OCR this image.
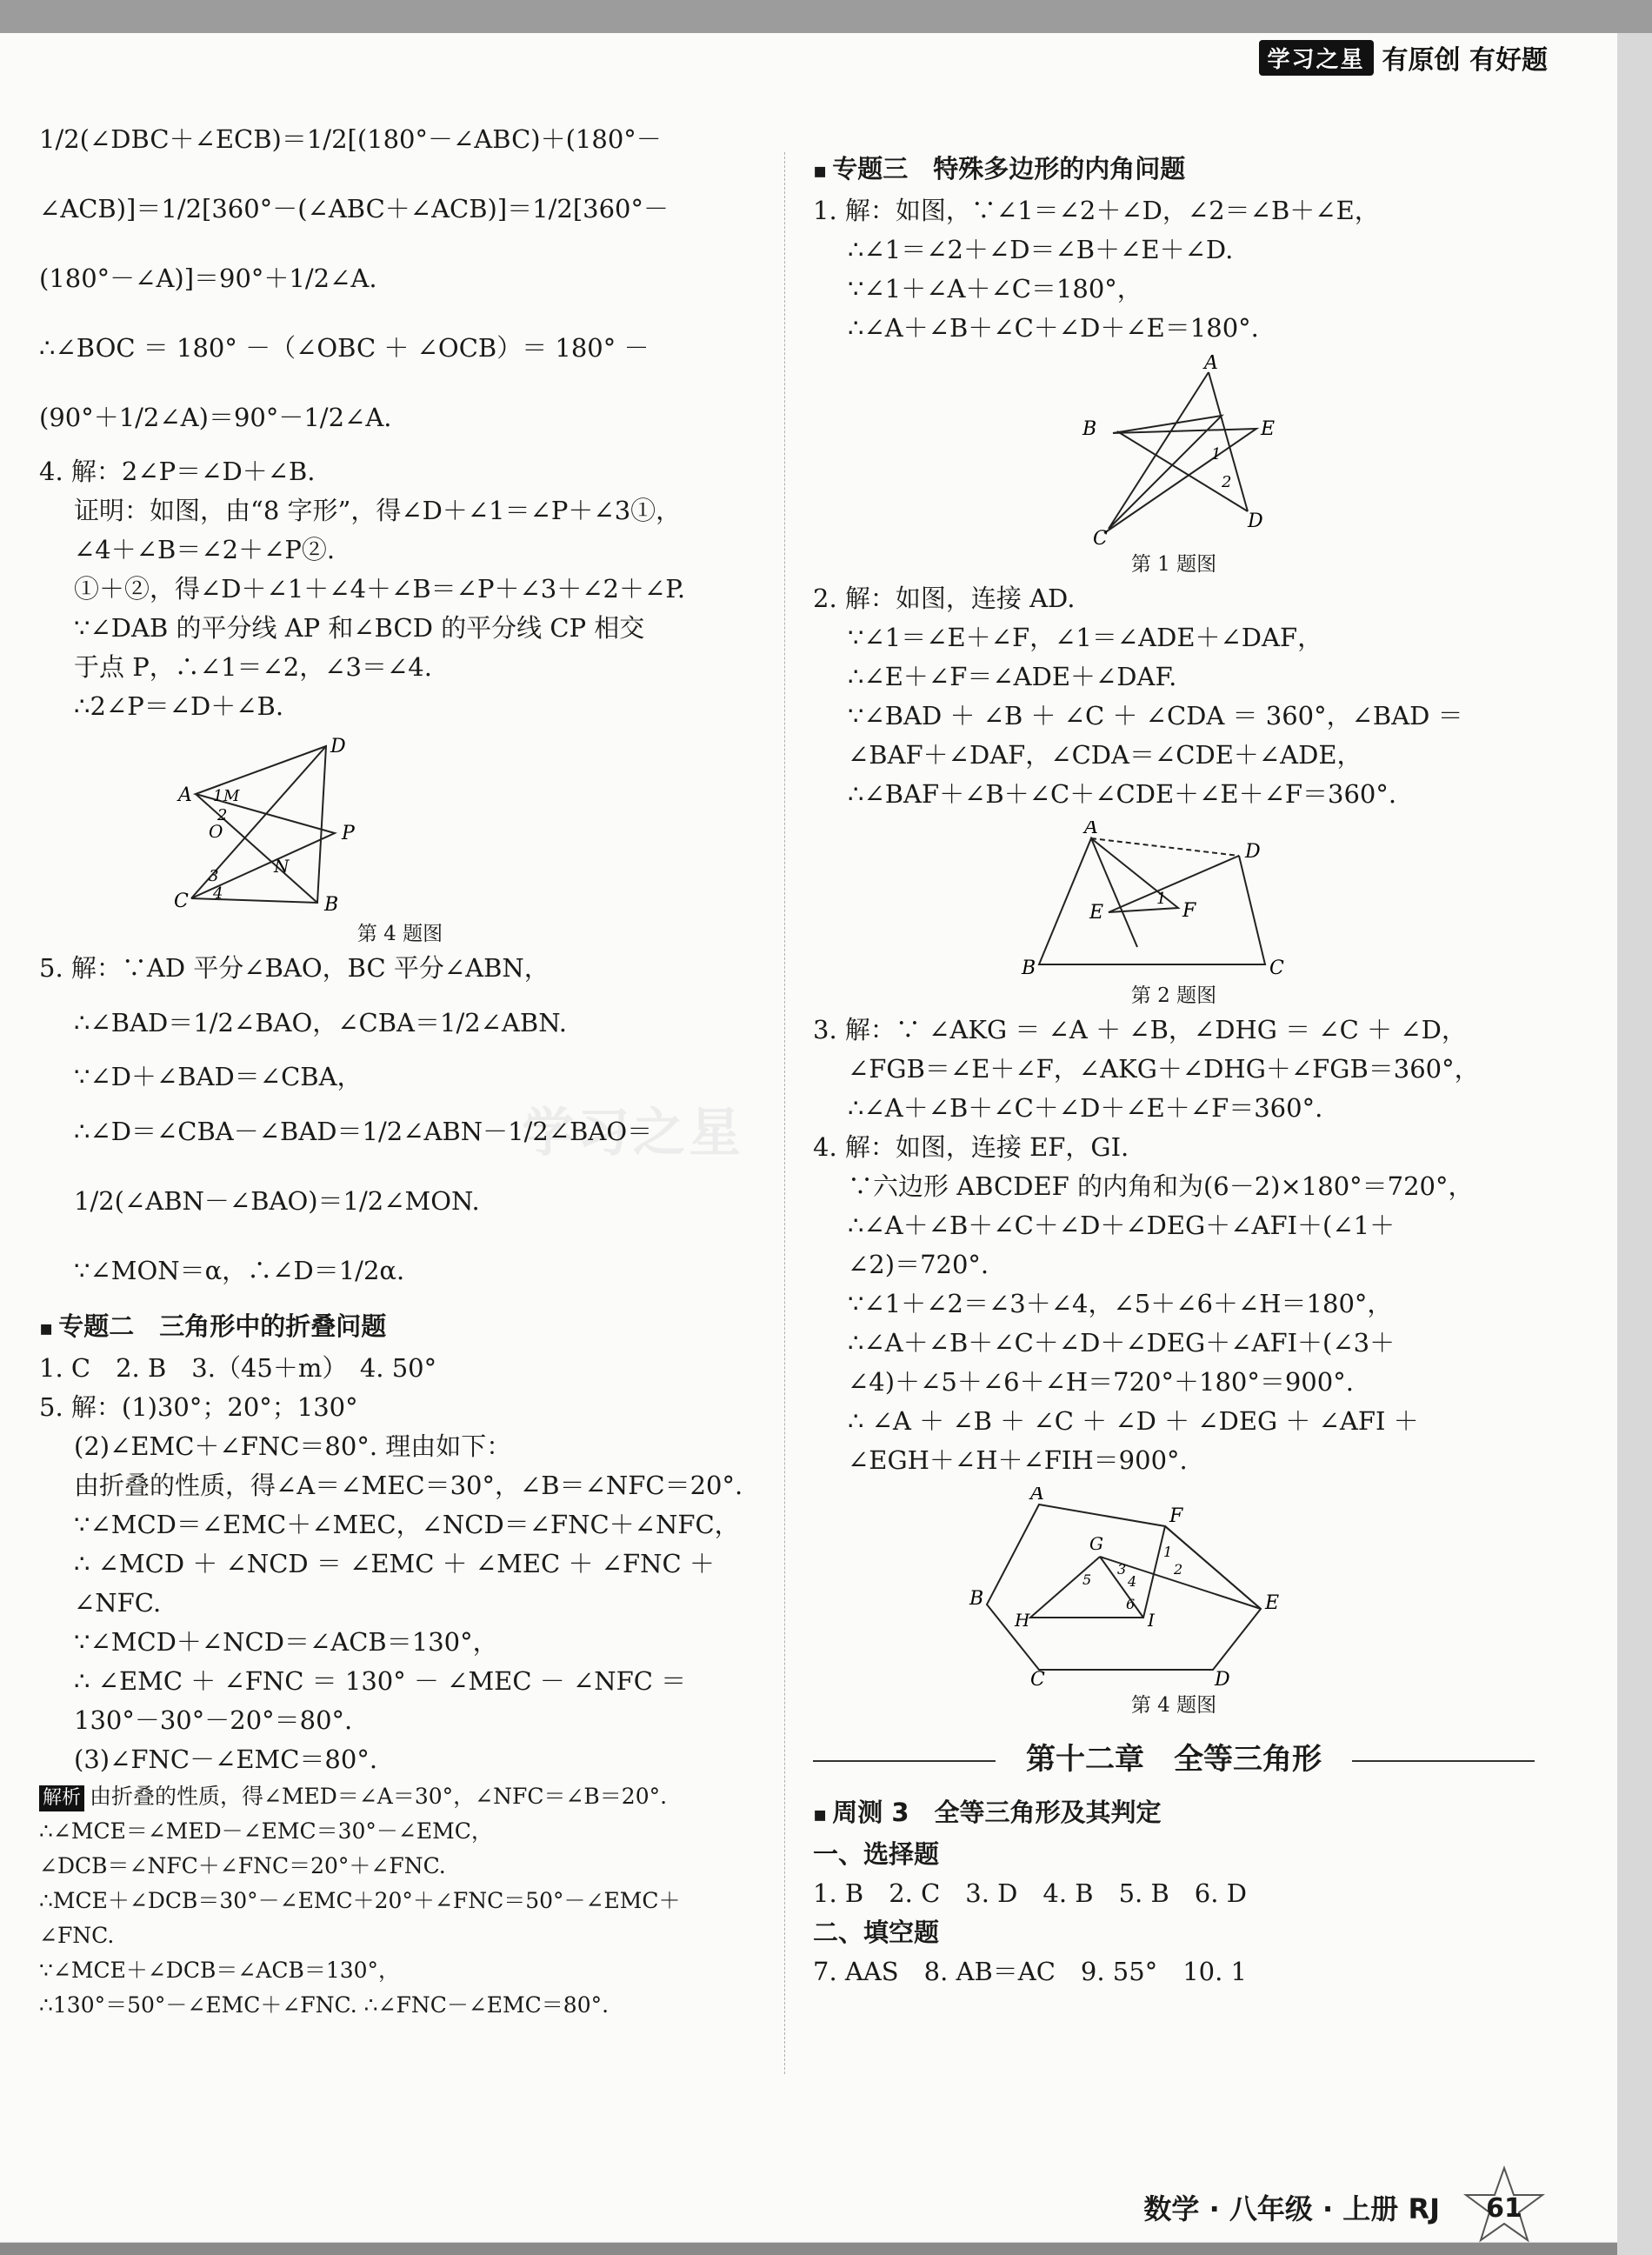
学习之星 有原创 有好题
学习之星
1/2(∠DBC＋∠ECB)＝1/2[(180°－∠ABC)＋(180°－
∠ACB)]＝1/2[360°－(∠ABC＋∠ACB)]＝1/2[360°－
(180°－∠A)]＝90°＋1/2∠A.
∴∠BOC ＝ 180° －（∠OBC ＋ ∠OCB）＝ 180° －
(90°＋1/2∠A)＝90°－1/2∠A.
4. 解：2∠P＝∠D＋∠B.
证明：如图，由“8 字形”，得∠D＋∠1＝∠P＋∠3①，
∠4＋∠B＝∠2＋∠P②.
①＋②，得∠D＋∠1＋∠4＋∠B＝∠P＋∠3＋∠2＋∠P.
∵∠DAB 的平分线 AP 和∠BCD 的平分线 CP 相交
于点 P，∴∠1＝∠2，∠3＝∠4.
∴2∠P＝∠D＋∠B.
D
A 1 M
2
O	P
3	N
4
C	B
第 4 题图
5. 解：∵AD 平分∠BAO，BC 平分∠ABN，
∴∠BAD＝1/2∠BAO，∠CBA＝1/2∠ABN.
∵∠D＋∠BAD＝∠CBA，
∴∠D＝∠CBA－∠BAD＝1/2∠ABN－1/2∠BAO＝
1/2(∠ABN－∠BAO)＝1/2∠MON.
∵∠MON＝α，∴∠D＝1/2α.
▪ 专题二　三角形中的折叠问题
1. C　2. B　3.（45＋m）　4. 50°
5. 解：(1)30°；20°；130°
(2)∠EMC＋∠FNC＝80°. 理由如下：
由折叠的性质，得∠A＝∠MEC＝30°，∠B＝∠NFC＝20°.
∵∠MCD＝∠EMC＋∠MEC，∠NCD＝∠FNC＋∠NFC，
∴ ∠MCD ＋ ∠NCD ＝ ∠EMC ＋ ∠MEC ＋ ∠FNC ＋
∠NFC.
∵∠MCD＋∠NCD＝∠ACB＝130°，
∴ ∠EMC ＋ ∠FNC ＝ 130° － ∠MEC － ∠NFC ＝
130°－30°－20°＝80°.
(3)∠FNC－∠EMC＝80°.
解析 由折叠的性质，得∠MED＝∠A＝30°，∠NFC＝∠B＝20°.
∴∠MCE＝∠MED－∠EMC＝30°－∠EMC，
∠DCB＝∠NFC＋∠FNC＝20°＋∠FNC.
∴MCE＋∠DCB＝30°－∠EMC＋20°＋∠FNC＝50°－∠EMC＋
∠FNC.
∵∠MCE＋∠DCB＝∠ACB＝130°，
∴130°＝50°－∠EMC＋∠FNC. ∴∠FNC－∠EMC＝80°.
▪ 专题三　特殊多边形的内角问题
1. 解：如图，∵∠1＝∠2＋∠D，∠2＝∠B＋∠E，
∴∠1＝∠2＋∠D＝∠B＋∠E＋∠D.
∵∠1＋∠A＋∠C＝180°，
∴∠A＋∠B＋∠C＋∠D＋∠E＝180°.
A
B	E
1
2
C
D
第 1 题图
2. 解：如图，连接 AD.
∵∠1＝∠E＋∠F，∠1＝∠ADE＋∠DAF，
∴∠E＋∠F＝∠ADE＋∠DAF.
∵∠BAD ＋ ∠B ＋ ∠C ＋ ∠CDA ＝ 360°，∠BAD ＝
∠BAF＋∠DAF，∠CDA＝∠CDE＋∠ADE，
∴∠BAF＋∠B＋∠C＋∠CDE＋∠E＋∠F＝360°.
A
D
E
1
F
B	C
第 2 题图
3. 解：∵ ∠AKG ＝ ∠A ＋ ∠B，∠DHG ＝ ∠C ＋ ∠D，
∠FGB＝∠E＋∠F，∠AKG＋∠DHG＋∠FGB＝360°，
∴∠A＋∠B＋∠C＋∠D＋∠E＋∠F＝360°.
4. 解：如图，连接 EF，GI.
∵六边形 ABCDEF 的内角和为(6－2)×180°＝720°，
∴∠A＋∠B＋∠C＋∠D＋∠DEG＋∠AFI＋(∠1＋
∠2)＝720°.
∵∠1＋∠2＝∠3＋∠4，∠5＋∠6＋∠H＝180°，
∴∠A＋∠B＋∠C＋∠D＋∠DEG＋∠AFI＋(∠3＋
∠4)＋∠5＋∠6＋∠H＝720°＋180°＝900°.
∴ ∠A ＋ ∠B ＋ ∠C ＋ ∠D ＋ ∠DEG ＋ ∠AFI ＋
∠EGH＋∠H＋∠FIH＝900°.
A
F
G	1
3	2
4
5
B	E
6
H	I
C	D
第 4 题图
第十二章　全等三角形
▪ 周测 3　全等三角形及其判定
一、选择题
1. B　2. C　3. D　4. B　5. B　6. D
二、填空题
7. AAS　8. AB＝AC　9. 55°　10. 1
数学 · 八年级 · 上册 RJ	61
